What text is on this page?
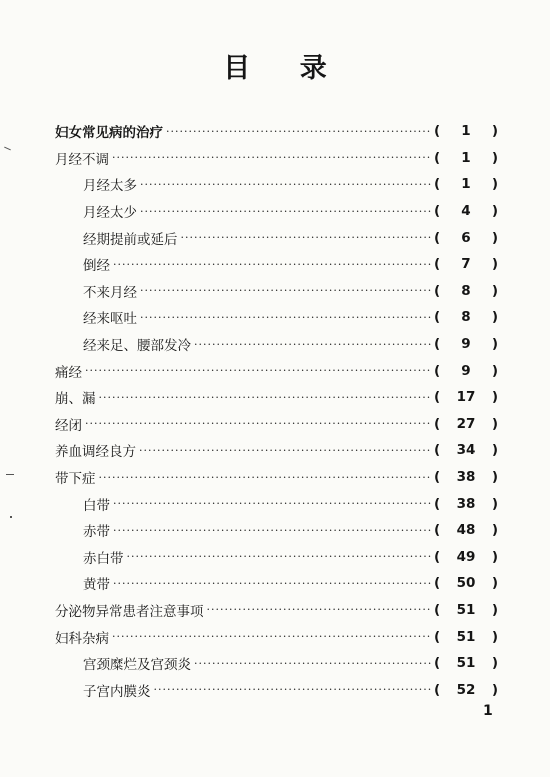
目 录
妇女常见病的治疗 ·····	(	1	)
月经不调 ·····	(	1	)
月经太多 ·····	(	1	)
月经太少 ·····	(	4	)
经期提前或延后 ·····	(	6	)
倒经 ·····	(	7	)
不来月经 ·····	(	8	)
经来呕吐 ·····	(	8	)
经来足、腰部发冷 ·····	(	9	)
痛经 ·····	(	9	)
崩、漏 ·····	(	17	)
经闭 ·····	(	27	)
养血调经良方 ·····	(	34	)
带下症 ·····	(	38	)
白带 ·····	(	38	)
赤带 ·····	(	48	)
赤白带 ·····	(	49	)
黄带 ·····	(	50	)
分泌物异常患者注意事项 ·····	(	51	)
妇科杂病 ·····	(	51	)
宫颈糜烂及宫颈炎 ·····	(	51	)
子宫内膜炎 ·····	(	52	)
1
